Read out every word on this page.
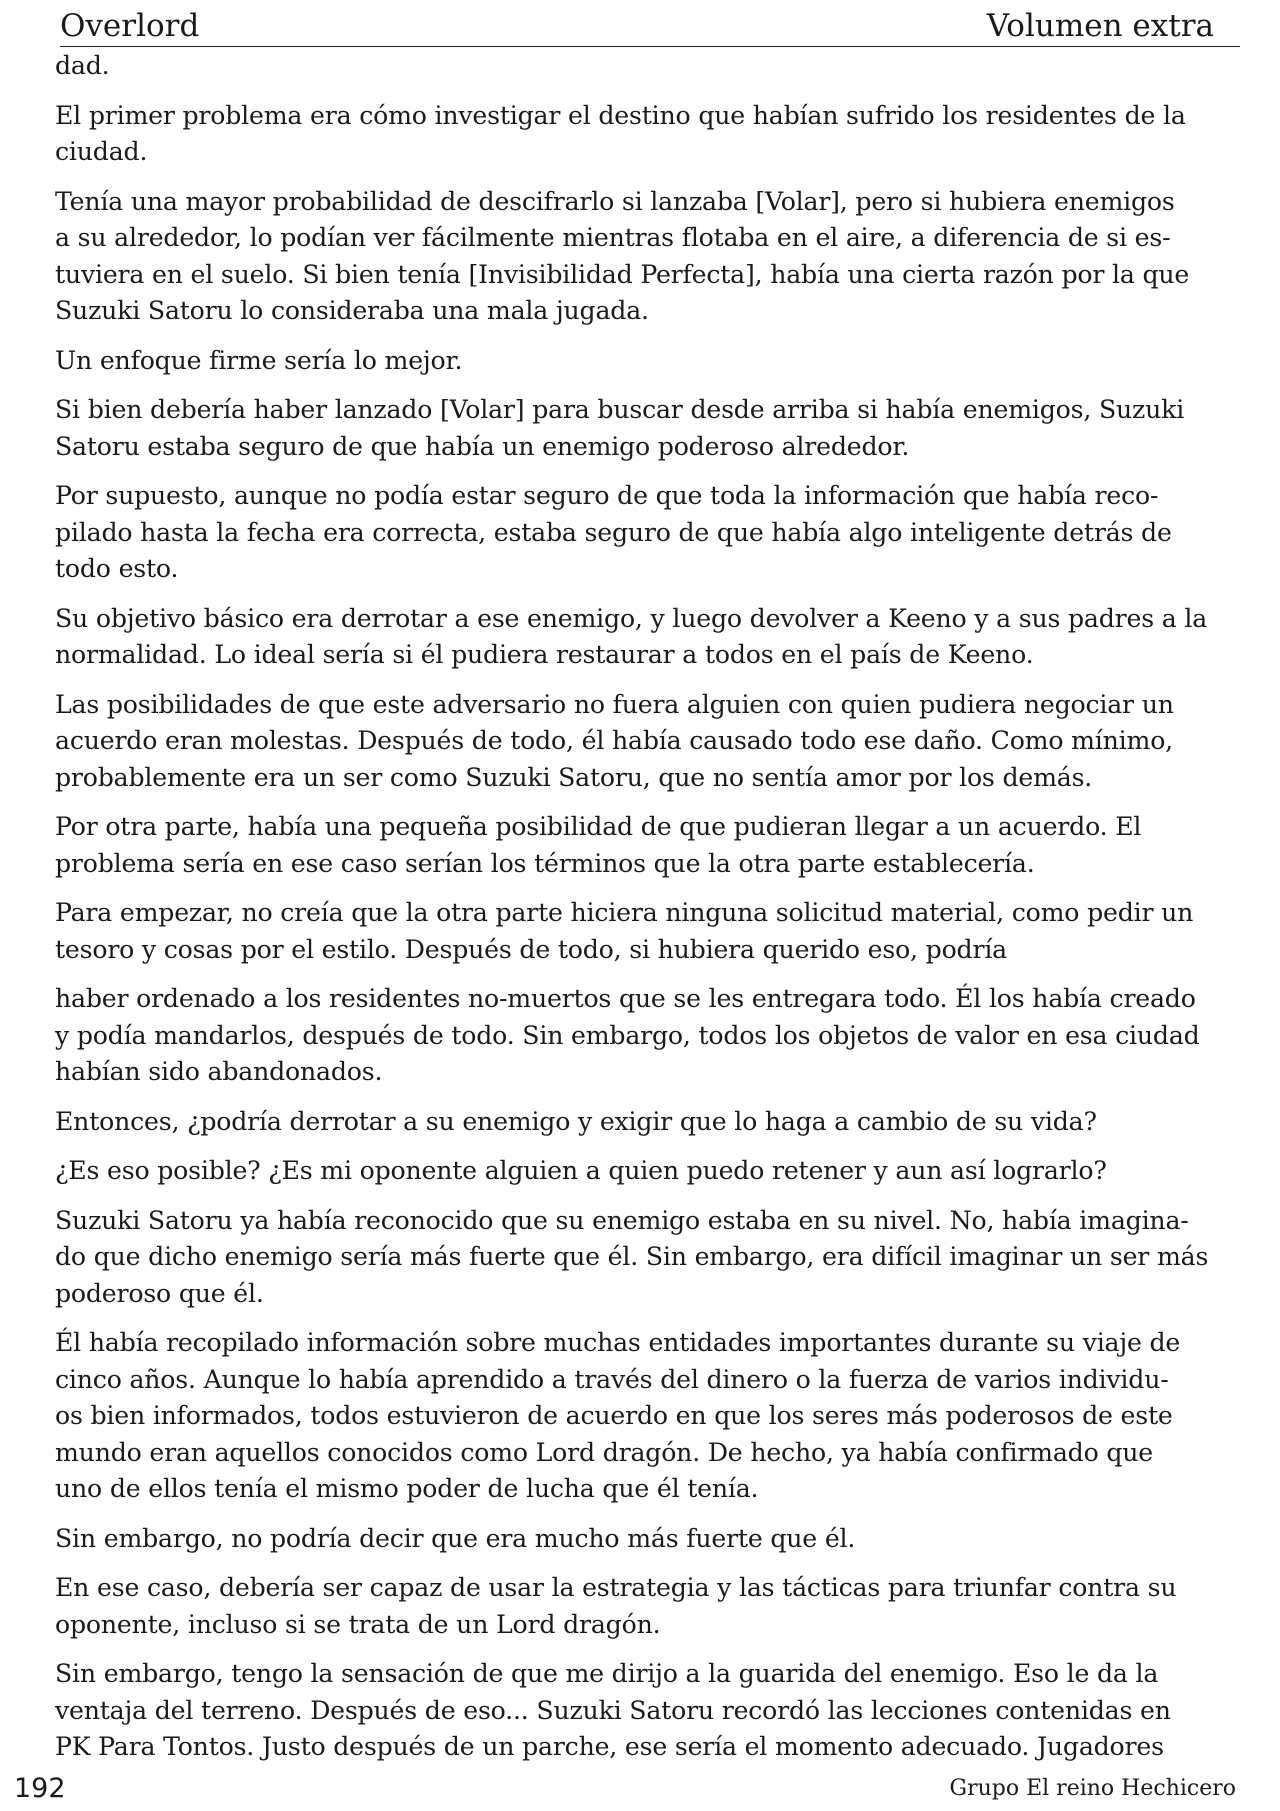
Overlord	Volumen extra

dad.

El primer problema era cómo investigar el destino que habían sufrido los residentes de la
ciudad.

Tenía una mayor probabilidad de descifrarlo si lanzaba [Volar], pero si hubiera enemigos
a su alrededor, lo podían ver fácilmente mientras flotaba en el aire, a diferencia de si es-
tuviera en el suelo. Si bien tenía [Invisibilidad Perfecta], había una cierta razón por la que
Suzuki Satoru lo consideraba una mala jugada.

Un enfoque firme sería lo mejor.

Si bien debería haber lanzado [Volar] para buscar desde arriba si había enemigos, Suzuki
Satoru estaba seguro de que había un enemigo poderoso alrededor.

Por supuesto, aunque no podía estar seguro de que toda la información que había reco-
pilado hasta la fecha era correcta, estaba seguro de que había algo inteligente detrás de
todo esto.

Su objetivo básico era derrotar a ese enemigo, y luego devolver a Keeno y a sus padres a la
normalidad. Lo ideal sería si él pudiera restaurar a todos en el país de Keeno.

Las posibilidades de que este adversario no fuera alguien con quien pudiera negociar un
acuerdo eran molestas. Después de todo, él había causado todo ese daño. Como mínimo,
probablemente era un ser como Suzuki Satoru, que no sentía amor por los demás.

Por otra parte, había una pequeña posibilidad de que pudieran llegar a un acuerdo. El
problema sería en ese caso serían los términos que la otra parte establecería.

Para empezar, no creía que la otra parte hiciera ninguna solicitud material, como pedir un
tesoro y cosas por el estilo. Después de todo, si hubiera querido eso, podría

haber ordenado a los residentes no-muertos que se les entregara todo. Él los había creado
y podía mandarlos, después de todo. Sin embargo, todos los objetos de valor en esa ciudad
habían sido abandonados.

Entonces, ¿podría derrotar a su enemigo y exigir que lo haga a cambio de su vida?

¿Es eso posible? ¿Es mi oponente alguien a quien puedo retener y aun así lograrlo?

Suzuki Satoru ya había reconocido que su enemigo estaba en su nivel. No, había imagina-
do que dicho enemigo sería más fuerte que él. Sin embargo, era difícil imaginar un ser más
poderoso que él.

Él había recopilado información sobre muchas entidades importantes durante su viaje de
cinco años. Aunque lo había aprendido a través del dinero o la fuerza de varios individu-
os bien informados, todos estuvieron de acuerdo en que los seres más poderosos de este
mundo eran aquellos conocidos como Lord dragón. De hecho, ya había confirmado que
uno de ellos tenía el mismo poder de lucha que él tenía.

Sin embargo, no podría decir que era mucho más fuerte que él.

En ese caso, debería ser capaz de usar la estrategia y las tácticas para triunfar contra su
oponente, incluso si se trata de un Lord dragón.

Sin embargo, tengo la sensación de que me dirijo a la guarida del enemigo. Eso le da la
ventaja del terreno. Después de eso... Suzuki Satoru recordó las lecciones contenidas en
PK Para Tontos. Justo después de un parche, ese sería el momento adecuado. Jugadores

192	Grupo El reino Hechicero
